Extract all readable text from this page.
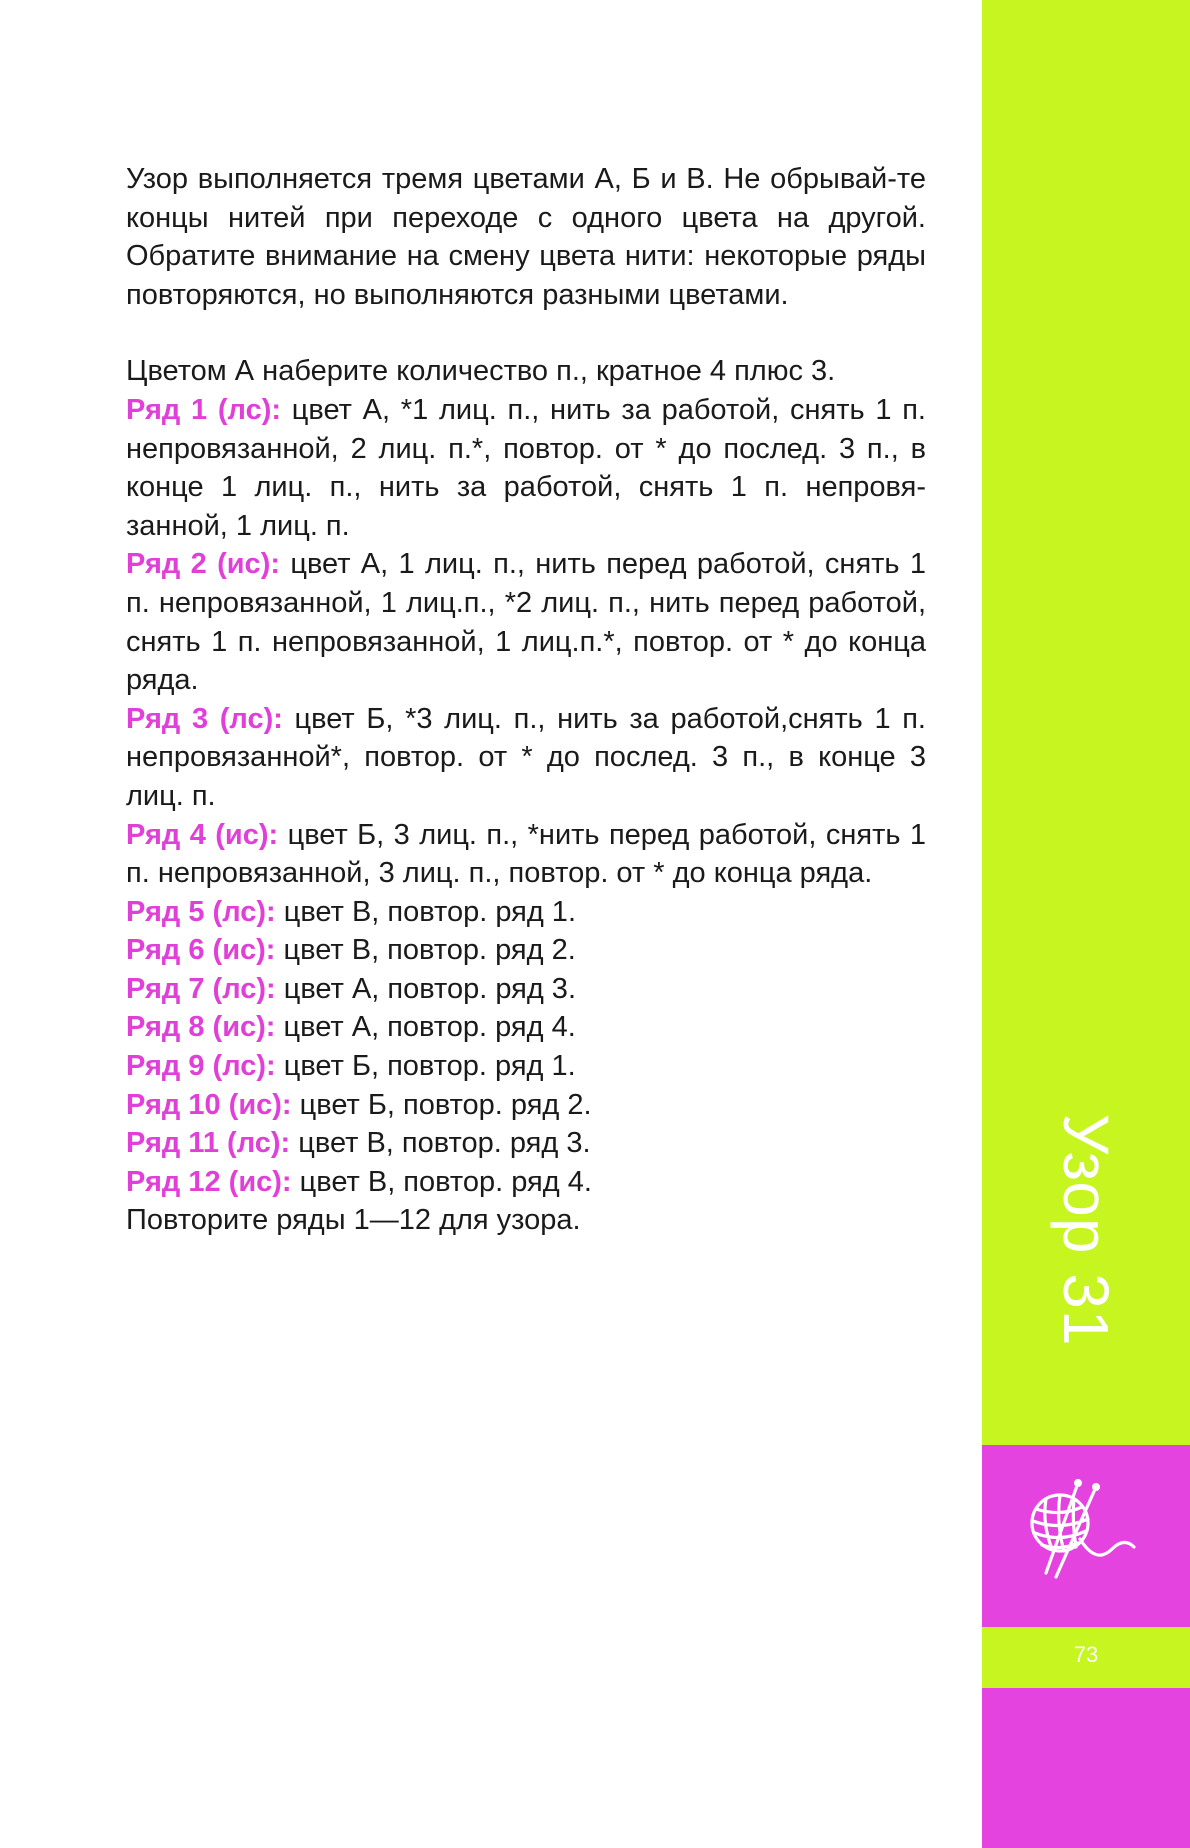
Узор выполняется тремя цветами А, Б и В. Не обрывай-те концы нитей при переходе с одного цвета на другой. Обратите внимание на смену цвета нити: некоторые ряды повторяются, но выполняются разными цветами.

Цветом А наберите количество п., кратное 4 плюс 3.

Ряд 1 (лс): цвет А, *1 лиц. п., нить за работой, снять 1 п. непровязанной, 2 лиц. п.*, повтор. от * до послед. 3 п., в конце 1 лиц. п., нить за работой, снять 1 п. непровя-занной, 1 лиц. п.

Ряд 2 (ис): цвет А, 1 лиц. п., нить перед работой, снять 1 п. непровязанной, 1 лиц.п., *2 лиц. п., нить перед работой, снять 1 п. непровязанной, 1 лиц.п.*, повтор. от * до конца ряда.

Ряд 3 (лс): цвет Б, *3 лиц. п., нить за работой,снять 1 п. непровязанной*, повтор. от * до послед. 3 п., в конце 3 лиц. п.

Ряд 4 (ис): цвет Б, 3 лиц. п., *нить перед работой, снять 1 п. непровязанной, 3 лиц. п., повтор. от * до конца ряда.

Ряд 5 (лс): цвет В, повтор. ряд 1.

Ряд 6 (ис): цвет В, повтор. ряд 2.

Ряд 7 (лс): цвет А, повтор. ряд 3.

Ряд 8 (ис): цвет А, повтор. ряд 4.

Ряд 9 (лс): цвет Б, повтор. ряд 1.

Ряд 10 (ис): цвет Б, повтор. ряд 2.

Ряд 11 (лс): цвет В, повтор. ряд 3.

Ряд 12 (ис): цвет В, повтор. ряд 4.

Повторите ряды 1—12 для узора.	Узор 31
73
